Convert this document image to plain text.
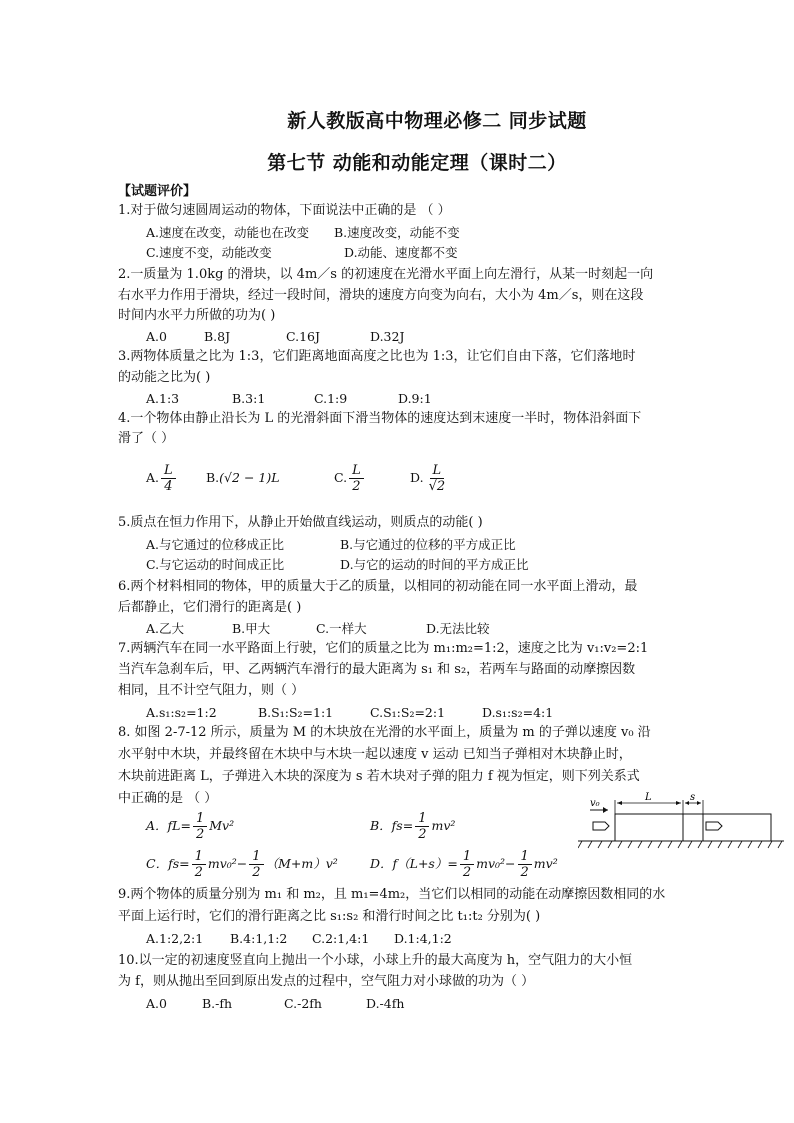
新人教版高中物理必修二 同步试题
第七节 动能和动能定理（课时二）
【试题评价】
1.对于做匀速圆周运动的物体，下面说法中正确的是 （ ）
A.速度在改变，动能也在改变 B.速度改变，动能不变
C.速度不变，动能改变	D.动能、速度都不变
2.一质量为 1.0kg 的滑块，以 4m／s 的初速度在光滑水平面上向左滑行，从某一时刻起一向
右水平力作用于滑块，经过一段时间，滑块的速度方向变为向右，大小为 4m／s，则在这段
时间内水平力所做的功为( )
A.0	B.8J	C.16J	D.32J
3.两物体质量之比为 1:3，它们距离地面高度之比也为 1:3，让它们自由下落，它们落地时
的动能之比为( )
A.1:3	B.3:1	C.1:9	D.9:1
4.一个物体由静止沿长为 L 的光滑斜面下滑当物体的速度达到末速度一半时，物体沿斜面下
滑了（ ）
A. $\frac{L}{4} B.(√2 - 1)L$	C. $\frac{L}{2}$	D. $\frac{L}{√2}$
5.质点在恒力作用下，从静止开始做直线运动，则质点的动能( )
A.与它通过的位移成正比	B.与它通过的位移的平方成正比
C.与它运动的时间成正比	D.与它的运动的时间的平方成正比
6.两个材料相同的物体，甲的质量大于乙的质量，以相同的初动能在同一水平面上滑动，最
后都静止，它们滑行的距离是( )
A.乙大	B.甲大	C.一样大	D.无法比较
7.两辆汽车在同一水平路面上行驶，它们的质量之比为 m₁:m₂=1:2，速度之比为 v₁:v₂=2:1
当汽车急刹车后，甲、乙两辆汽车滑行的最大距离为 s₁ 和 s₂，若两车与路面的动摩擦因数
相同，且不计空气阻力，则（ ）
A.s₁:s₂=1:2	B.S₁:S₂=1:1	C.S₁:S₂=2:1	D.s₁:s₂=4:1
8. 如图 2-7-12 所示，质量为 M 的木块放在光滑的水平面上，质量为 m 的子弹以速度 v₀ 沿
水平射中木块，并最终留在木块中与木块一起以速度 v 运动 已知当子弹相对木块静止时，
木块前进距离 L，子弹进入木块的深度为 s 若木块对子弹的阻力 f 视为恒定，则下列关系式
中正确的是 （ ）
A．$fL= \frac{1}{2} Mv^2$	B．$fs= \frac{1}{2} mv^2$
C．$fs= \frac{1}{2} mv_0^2- \frac{1}{2} (M+m)v^2$	D．$f(L+s)= \frac{1}{2} mv_0^2- \frac{1}{2} mv^2$
v₀
L	s
9.两个物体的质量分别为 m₁ 和 m₂，且 m₁=4m₂，当它们以相同的动能在动摩擦因数相同的水
平面上运行时，它们的滑行距离之比 s₁:s₂ 和滑行时间之比 t₁:t₂ 分别为( )
A.1:2,2:1 B.4:1,1:2 C.2:1,4:1 D.1:4,1:2
10.以一定的初速度竖直向上抛出一个小球，小球上升的最大高度为 h，空气阻力的大小恒
为 f，则从抛出至回到原出发点的过程中，空气阻力对小球做的功为（ ）
A.0	B.-fh	C.-2fh	D.-4fh
